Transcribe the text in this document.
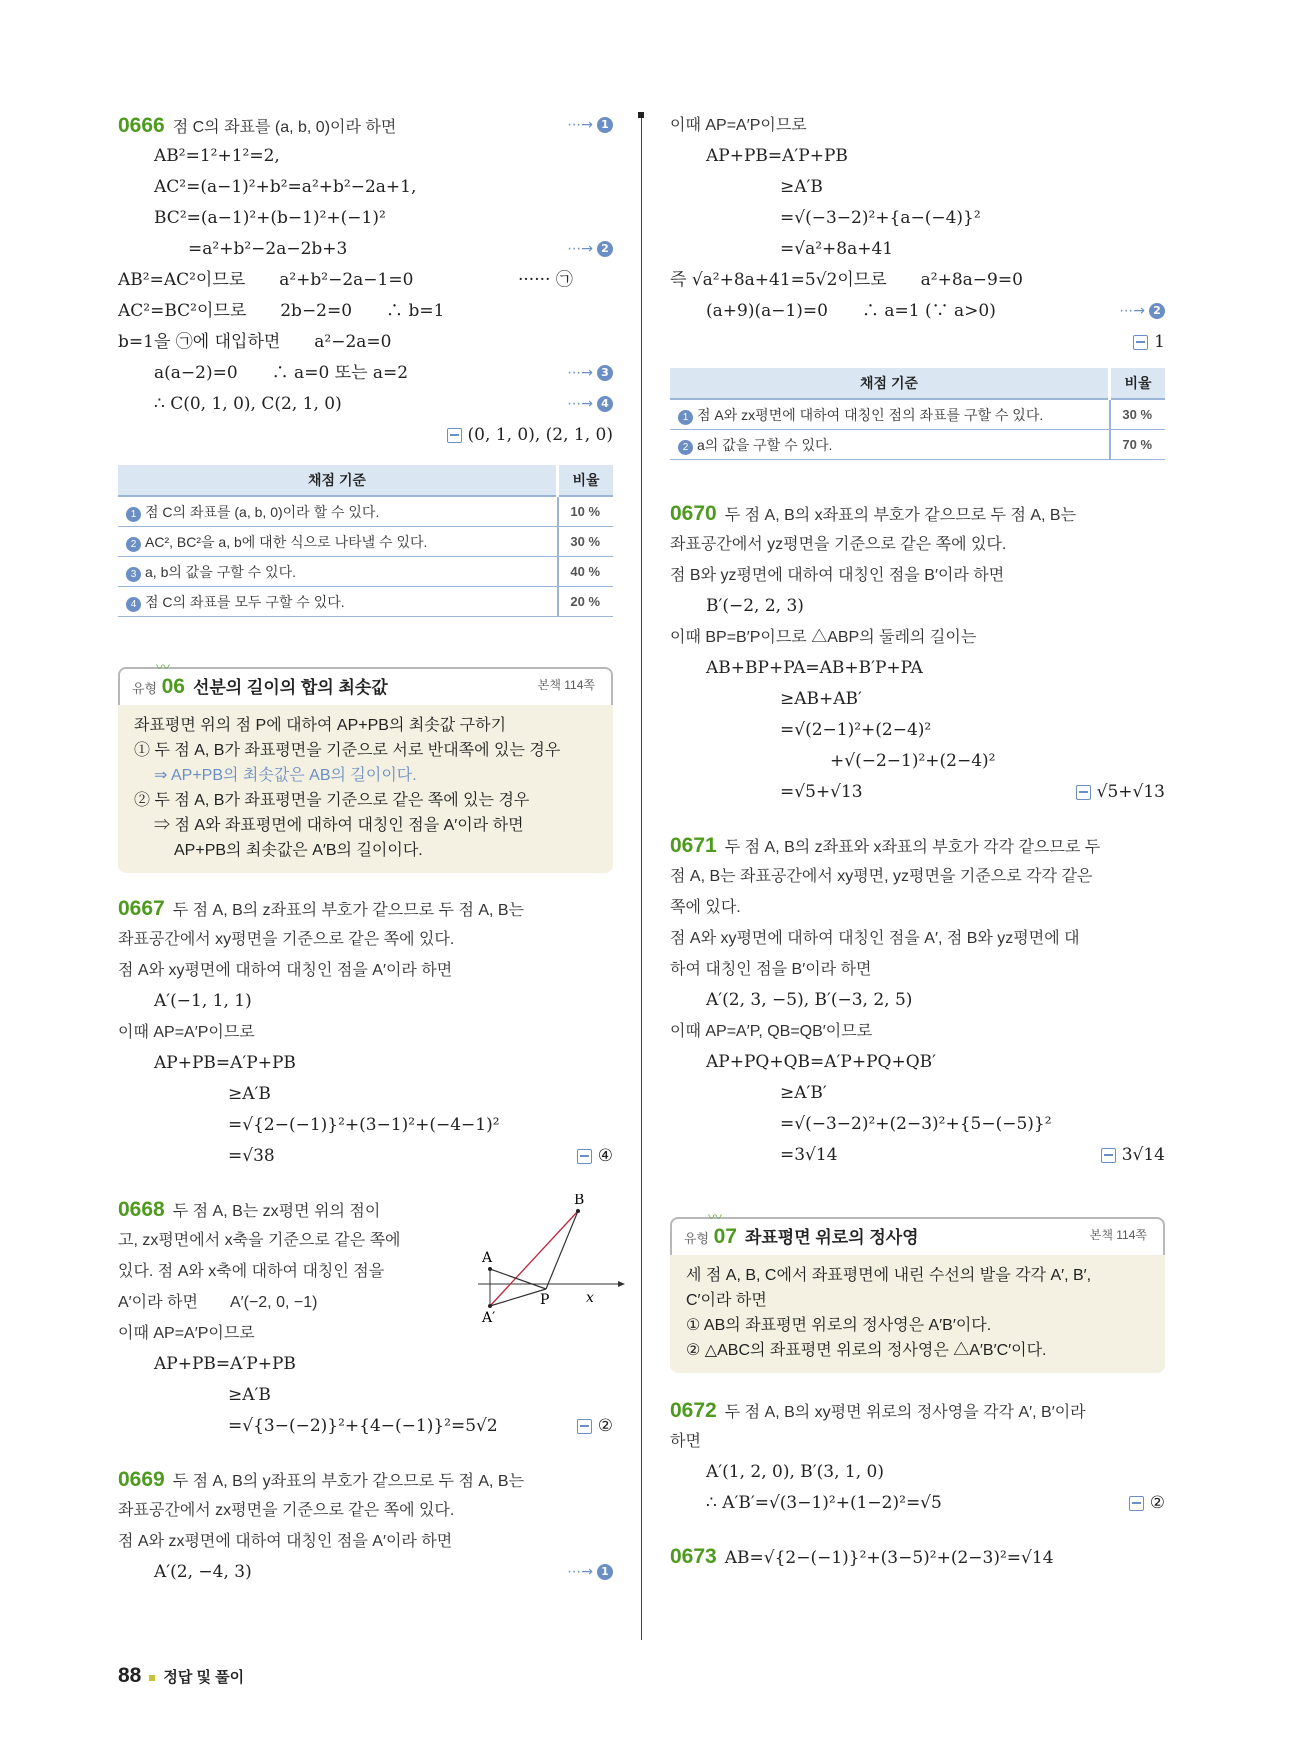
0666 점 C의 좌표를 (a, b, 0)이라 하면	⋯→ 1
AB²=1²+1²=2,
AC²=(a−1)²+b²=a²+b²−2a+1,
BC²=(a−1)²+(b−1)²+(−1)²
=a²+b²−2a−2b+3	⋯→ 2
AB²=AC²이므로　　a²+b²−2a−1=0	······ ㉠
AC²=BC²이므로　　2b−2=0　　∴ b=1
b=1을 ㉠에 대입하면　　a²−2a=0
a(a−2)=0　　∴ a=0 또는 a=2	⋯→ 3
∴ C(0, 1, 0), C(2, 1, 0)	⋯→ 4
(0, 1, 0), (2, 1, 0)
채점 기준	비율
1 점 C의 좌표를 (a, b, 0)이라 할 수 있다.	10 %
2 AC², BC²을 a, b에 대한 식으로 나타낼 수 있다.	30 %
3 a, b의 값을 구할 수 있다.	40 %
4 점 C의 좌표를 모두 구할 수 있다.	20 %
〰
유형 06 선분의 길이의 합의 최솟값	본책 114쪽
좌표평면 위의 점 P에 대하여 AP+PB의 최솟값 구하기
① 두 점 A, B가 좌표평면을 기준으로 서로 반대쪽에 있는 경우
⇒ AP+PB의 최솟값은 AB의 길이이다.
② 두 점 A, B가 좌표평면을 기준으로 같은 쪽에 있는 경우
⇒ 점 A와 좌표평면에 대하여 대칭인 점을 A′이라 하면
AP+PB의 최솟값은 A′B의 길이이다.
0667 두 점 A, B의 z좌표의 부호가 같으므로 두 점 A, B는
좌표공간에서 xy평면을 기준으로 같은 쪽에 있다.
점 A와 xy평면에 대하여 대칭인 점을 A′이라 하면
A′(−1, 1, 1)
이때 AP=A′P이므로
AP+PB=A′P+PB
≥A′B
=√{2−(−1)}²+(3−1)²+(−4−1)²
=√38	④
0668 두 점 A, B는 zx평면 위의 점이
고, zx평면에서 x축을 기준으로 같은 쪽에
있다. 점 A와 x축에 대하여 대칭인 점을
A′이라 하면　　A′(−2, 0, −1)
이때 AP=A′P이므로
AP+PB=A′P+PB
≥A′B
=√{3−(−2)}²+{4−(−1)}²=5√2	②
B
A
A′
P	x
0669 두 점 A, B의 y좌표의 부호가 같으므로 두 점 A, B는
좌표공간에서 zx평면을 기준으로 같은 쪽에 있다.
점 A와 zx평면에 대하여 대칭인 점을 A′이라 하면
A′(2, −4, 3)	⋯→ 1
이때 AP=A′P이므로
AP+PB=A′P+PB
≥A′B
=√(−3−2)²+{a−(−4)}²
=√a²+8a+41
즉 √a²+8a+41=5√2이므로　　a²+8a−9=0
(a+9)(a−1)=0　　∴ a=1 (∵ a>0)	⋯→ 2
1
채점 기준	비율
1 점 A와 zx평면에 대하여 대칭인 점의 좌표를 구할 수 있다.	30 %
2 a의 값을 구할 수 있다.	70 %
0670 두 점 A, B의 x좌표의 부호가 같으므로 두 점 A, B는
좌표공간에서 yz평면을 기준으로 같은 쪽에 있다.
점 B와 yz평면에 대하여 대칭인 점을 B′이라 하면
B′(−2, 2, 3)
이때 BP=B′P이므로 △ABP의 둘레의 길이는
AB+BP+PA=AB+B′P+PA
≥AB+AB′
=√(2−1)²+(2−4)²
+√(−2−1)²+(2−4)²
=√5+√13	√5+√13
0671 두 점 A, B의 z좌표와 x좌표의 부호가 각각 같으므로 두
점 A, B는 좌표공간에서 xy평면, yz평면을 기준으로 각각 같은
쪽에 있다.
점 A와 xy평면에 대하여 대칭인 점을 A′, 점 B와 yz평면에 대
하여 대칭인 점을 B′이라 하면
A′(2, 3, −5), B′(−3, 2, 5)
이때 AP=A′P, QB=QB′이므로
AP+PQ+QB=A′P+PQ+QB′
≥A′B′
=√(−3−2)²+(2−3)²+{5−(−5)}²
=3√14	3√14
〰
유형 07 좌표평면 위로의 정사영	본책 114쪽
세 점 A, B, C에서 좌표평면에 내린 수선의 발을 각각 A′, B′,
C′이라 하면
① AB의 좌표평면 위로의 정사영은 A′B′이다.
② △ABC의 좌표평면 위로의 정사영은 △A′B′C′이다.
0672 두 점 A, B의 xy평면 위로의 정사영을 각각 A′, B′이라
하면
A′(1, 2, 0), B′(3, 1, 0)
∴ A′B′=√(3−1)²+(1−2)²=√5	②
0673 AB=√{2−(−1)}²+(3−5)²+(2−3)²=√14
88 정답 및 풀이
